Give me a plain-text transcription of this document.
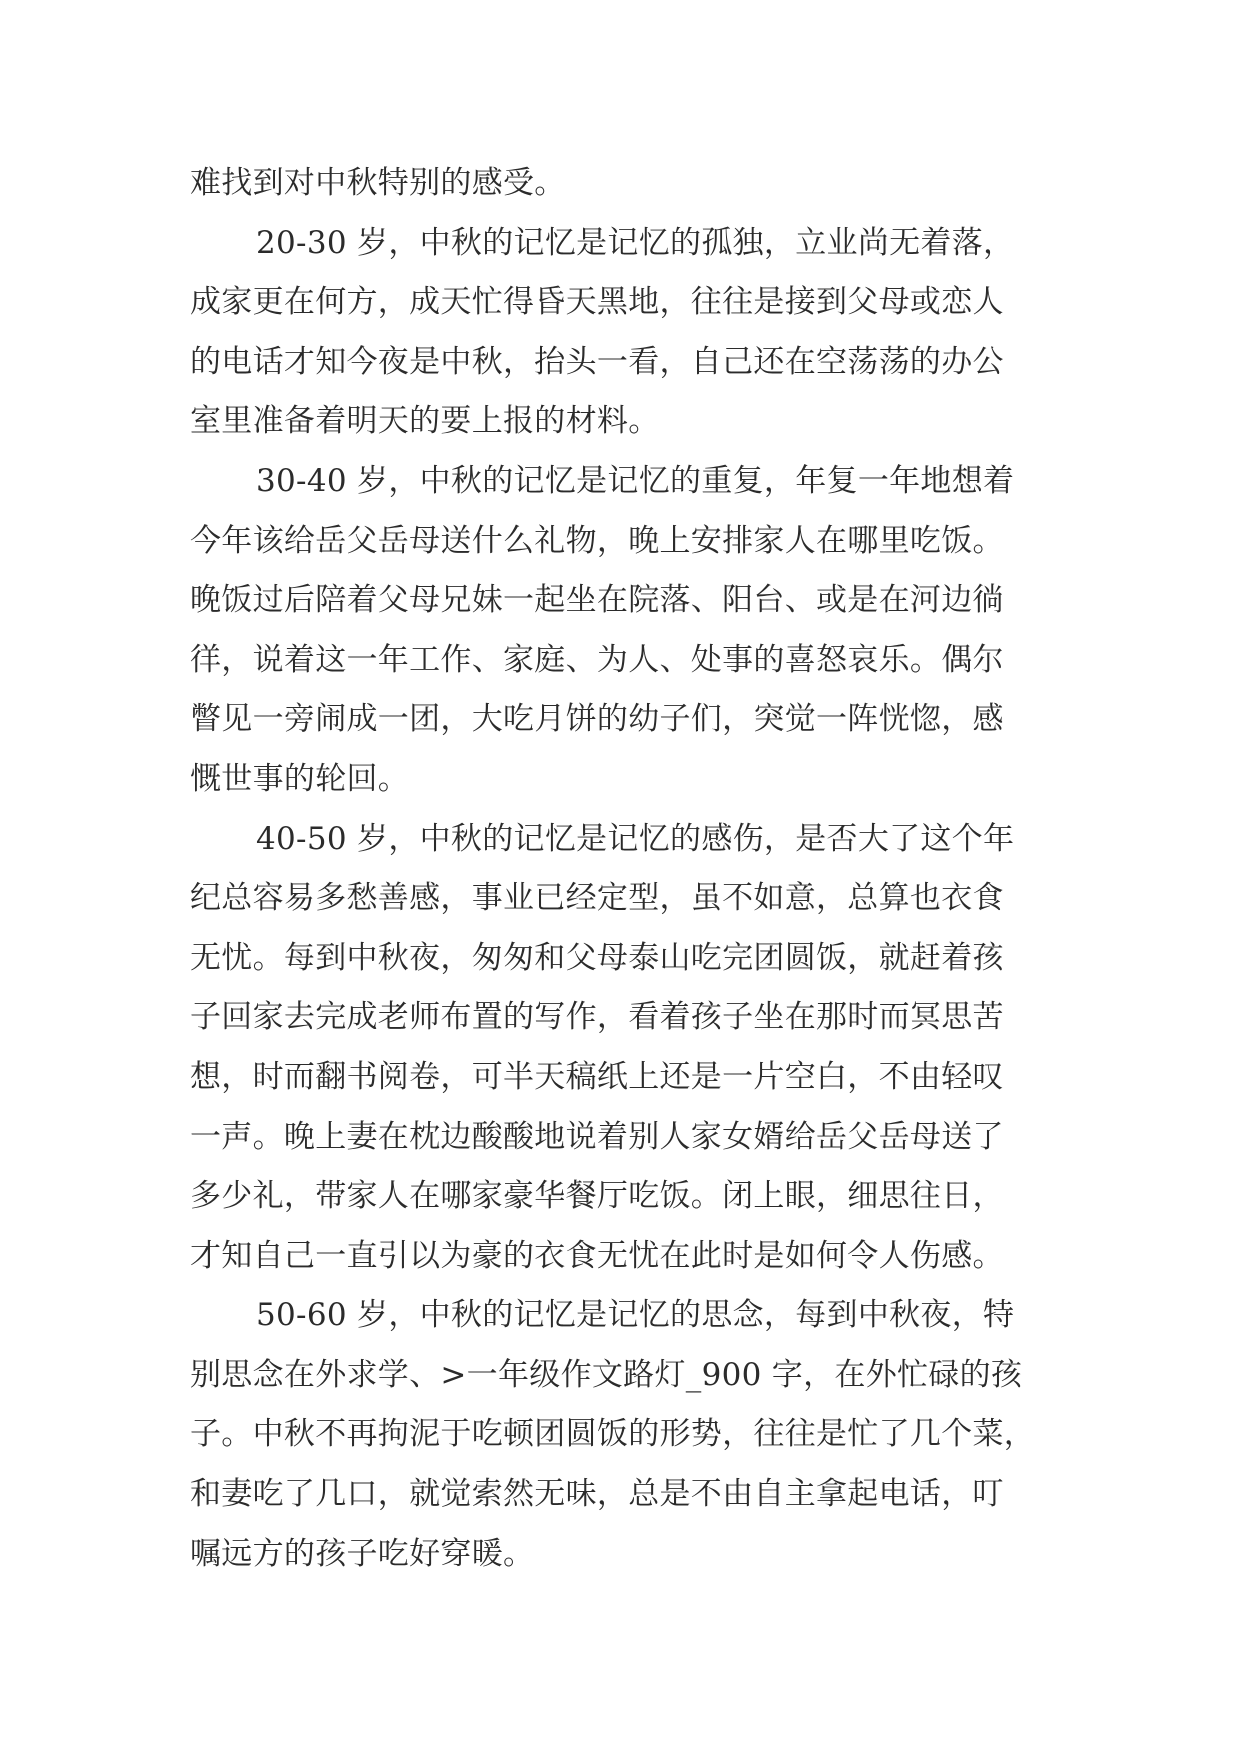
难找到对中秋特别的感受。
20-30 岁，中秋的记忆是记忆的孤独，立业尚无着落，
成家更在何方，成天忙得昏天黑地，往往是接到父母或恋人
的电话才知今夜是中秋，抬头一看，自己还在空荡荡的办公
室里准备着明天的要上报的材料。
30-40 岁，中秋的记忆是记忆的重复，年复一年地想着
今年该给岳父岳母送什么礼物，晚上安排家人在哪里吃饭。
晚饭过后陪着父母兄妹一起坐在院落、阳台、或是在河边徜
徉，说着这一年工作、家庭、为人、处事的喜怒哀乐。偶尔
瞥见一旁闹成一团，大吃月饼的幼子们，突觉一阵恍惚，感
慨世事的轮回。
40-50 岁，中秋的记忆是记忆的感伤，是否大了这个年
纪总容易多愁善感，事业已经定型，虽不如意，总算也衣食
无忧。每到中秋夜，匆匆和父母泰山吃完团圆饭，就赶着孩
子回家去完成老师布置的写作，看着孩子坐在那时而冥思苦
想，时而翻书阅卷，可半天稿纸上还是一片空白，不由轻叹
一声。晚上妻在枕边酸酸地说着别人家女婿给岳父岳母送了
多少礼，带家人在哪家豪华餐厅吃饭。闭上眼，细思往日，
才知自己一直引以为豪的衣食无忧在此时是如何令人伤感。
50-60 岁，中秋的记忆是记忆的思念，每到中秋夜，特
别思念在外求学、>一年级作文路灯_900 字，在外忙碌的孩
子。中秋不再拘泥于吃顿团圆饭的形势，往往是忙了几个菜，
和妻吃了几口，就觉索然无味，总是不由自主拿起电话，叮
嘱远方的孩子吃好穿暖。
